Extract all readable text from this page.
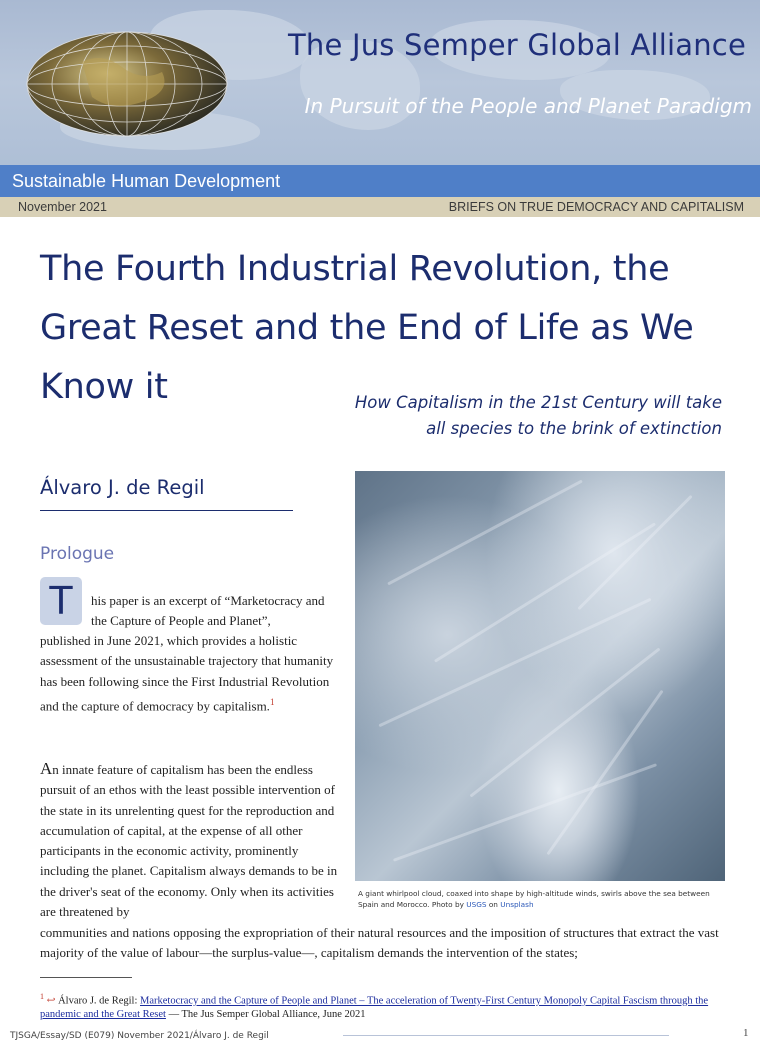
The Jus Semper Global Alliance
In Pursuit of the People and Planet Paradigm
Sustainable Human Development
November 2021	BRIEFS ON TRUE DEMOCRACY AND CAPITALISM
The Fourth Industrial Revolution, the Great Reset and the End of Life as We Know it	How Capitalism in the 21st Century will take
all species to the brink of extinction
Álvaro J. de Regil
Prologue
T	his paper is an excerpt of “Marketocracy and
the Capture of People and Planet”,
published in June 2021, which provides a holistic assessment of the unsustainable trajectory that humanity has been following since the First Industrial Revolution and the capture of democracy by capitalism.$^1$
An innate feature of capitalism has been the endless pursuit of an ethos with the least possible intervention of the state in its unrelenting quest for the reproduction and accumulation of capital, at the expense of all other participants in the economic activity, prominently including the planet. Capitalism always demands to be in the driver's seat of the economy. Only when its activities are threatened by
communities and nations opposing the expropriation of their natural resources and the imposition of structures that extract the vast majority of the value of labour—the surplus-value—, capitalism demands the intervention of the states;
A giant whirlpool cloud, coaxed into shape by high-altitude winds, swirls above the sea between Spain and Morocco. Photo by USGS on Unsplash
$^1$ ↩ Álvaro J. de Regil: Marketocracy and the Capture of People and Planet – The acceleration of Twenty-First Century Monopoly Capital Fascism through the pandemic and the Great Reset — The Jus Semper Global Alliance, June 2021
TJSGA/Essay/SD (E079) November 2021/Álvaro J. de Regil	1
